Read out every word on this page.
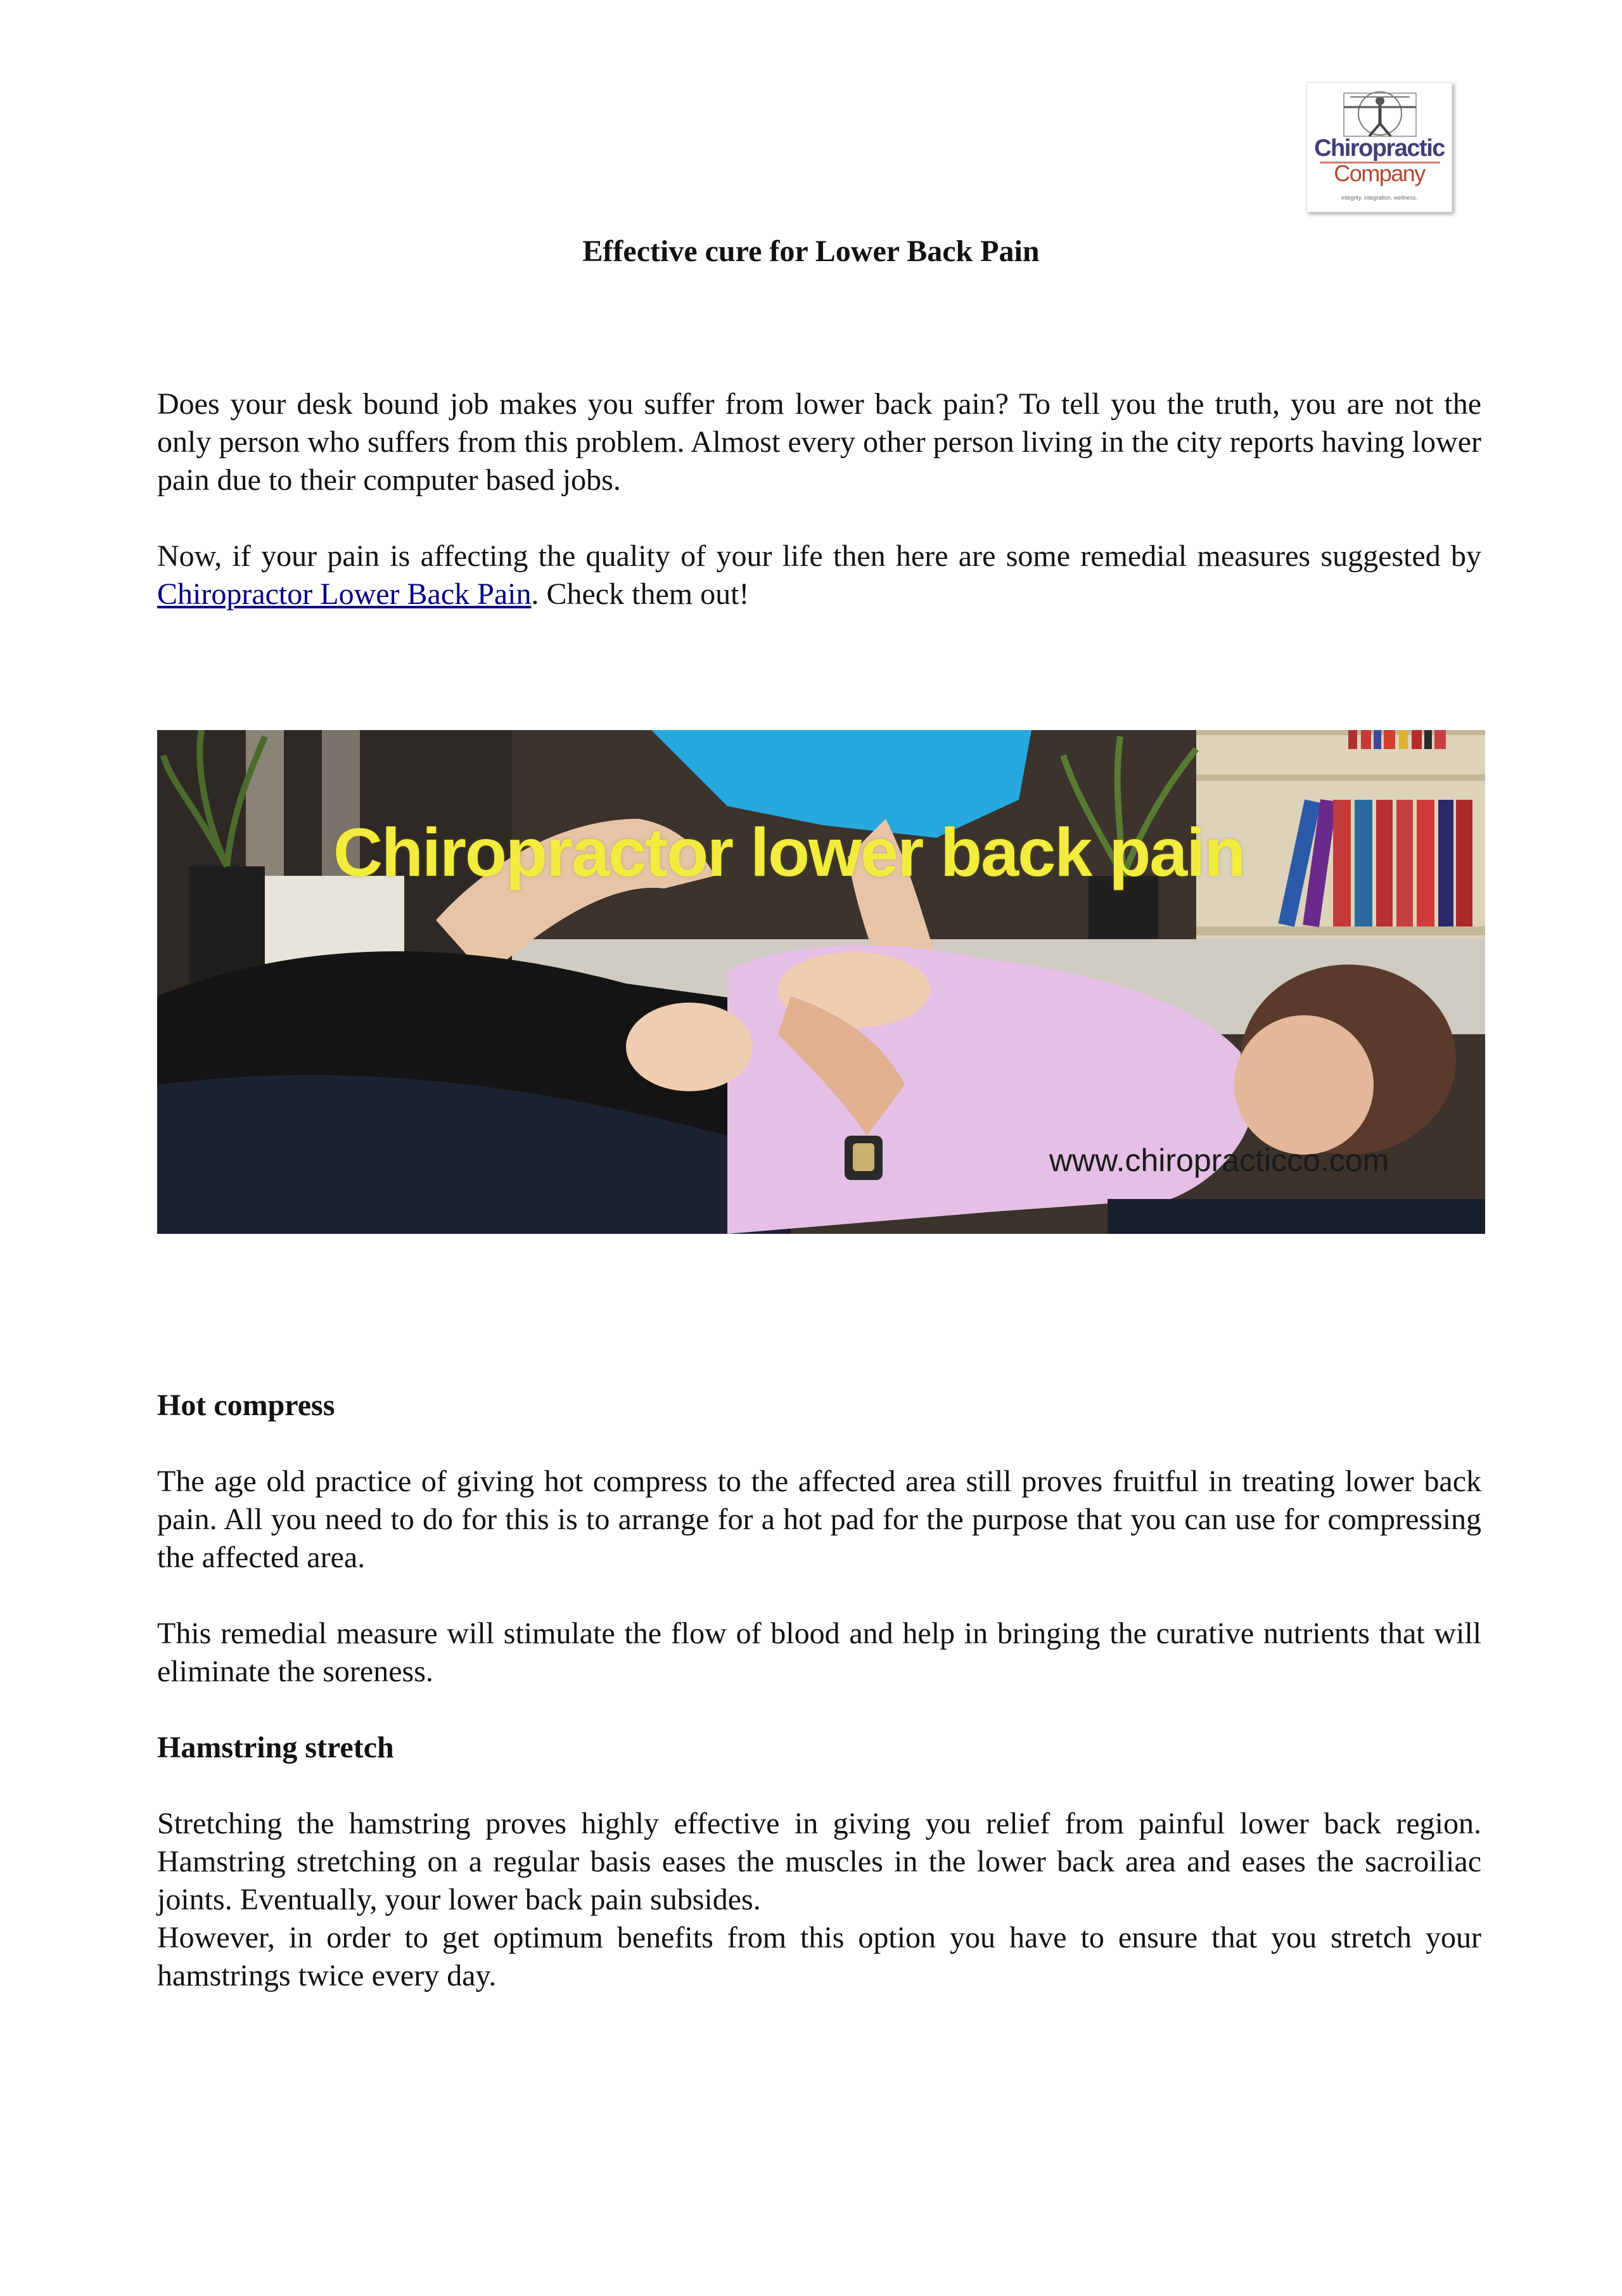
Chiropractic
Company
integrity. integration. wellness.
Effective cure for Lower Back Pain

Does your desk bound job makes you suffer from lower back pain? To tell you the truth, you are not the only person who suffers from this problem. Almost every other person living in the city reports having lower pain due to their computer based jobs.

Now, if your pain is affecting the quality of your life then here are some remedial measures suggested by Chiropractor Lower Back Pain. Check them out!

Chiropractor lower back pain
www.chiropracticco.com
Hot compress

The age old practice of giving hot compress to the affected area still proves fruitful in treating lower back pain. All you need to do for this is to arrange for a hot pad for the purpose that you can use for compressing the affected area.

This remedial measure will stimulate the flow of blood and help in bringing the curative nutrients that will eliminate the soreness.

Hamstring stretch

Stretching the hamstring proves highly effective in giving you relief from painful lower back region. Hamstring stretching on a regular basis eases the muscles in the lower back area and eases the sacroiliac joints. Eventually, your lower back pain subsides.

However, in order to get optimum benefits from this option you have to ensure that you stretch your hamstrings twice every day.
